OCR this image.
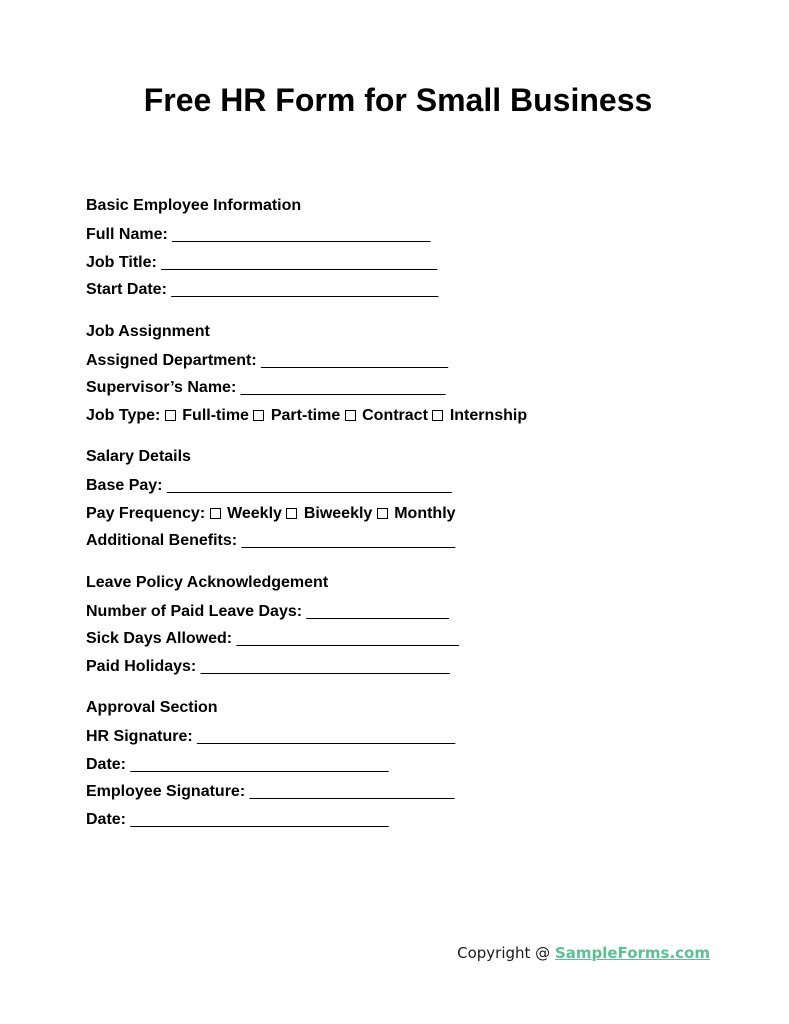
Free HR Form for Small Business
Basic Employee Information
Full Name: _____________________________
Job Title: _______________________________
Start Date: ______________________________
Job Assignment
Assigned Department: _____________________
Supervisor’s Name: _______________________
Job Type: Full-time Part-time Contract Internship
Salary Details
Base Pay: ________________________________
Pay Frequency: Weekly Biweekly Monthly
Additional Benefits: ________________________
Leave Policy Acknowledgement
Number of Paid Leave Days: ________________
Sick Days Allowed: _________________________
Paid Holidays: ____________________________
Approval Section
HR Signature: _____________________________
Date: _____________________________
Employee Signature: _______________________
Date: _____________________________
Copyright @ SampleForms.com
